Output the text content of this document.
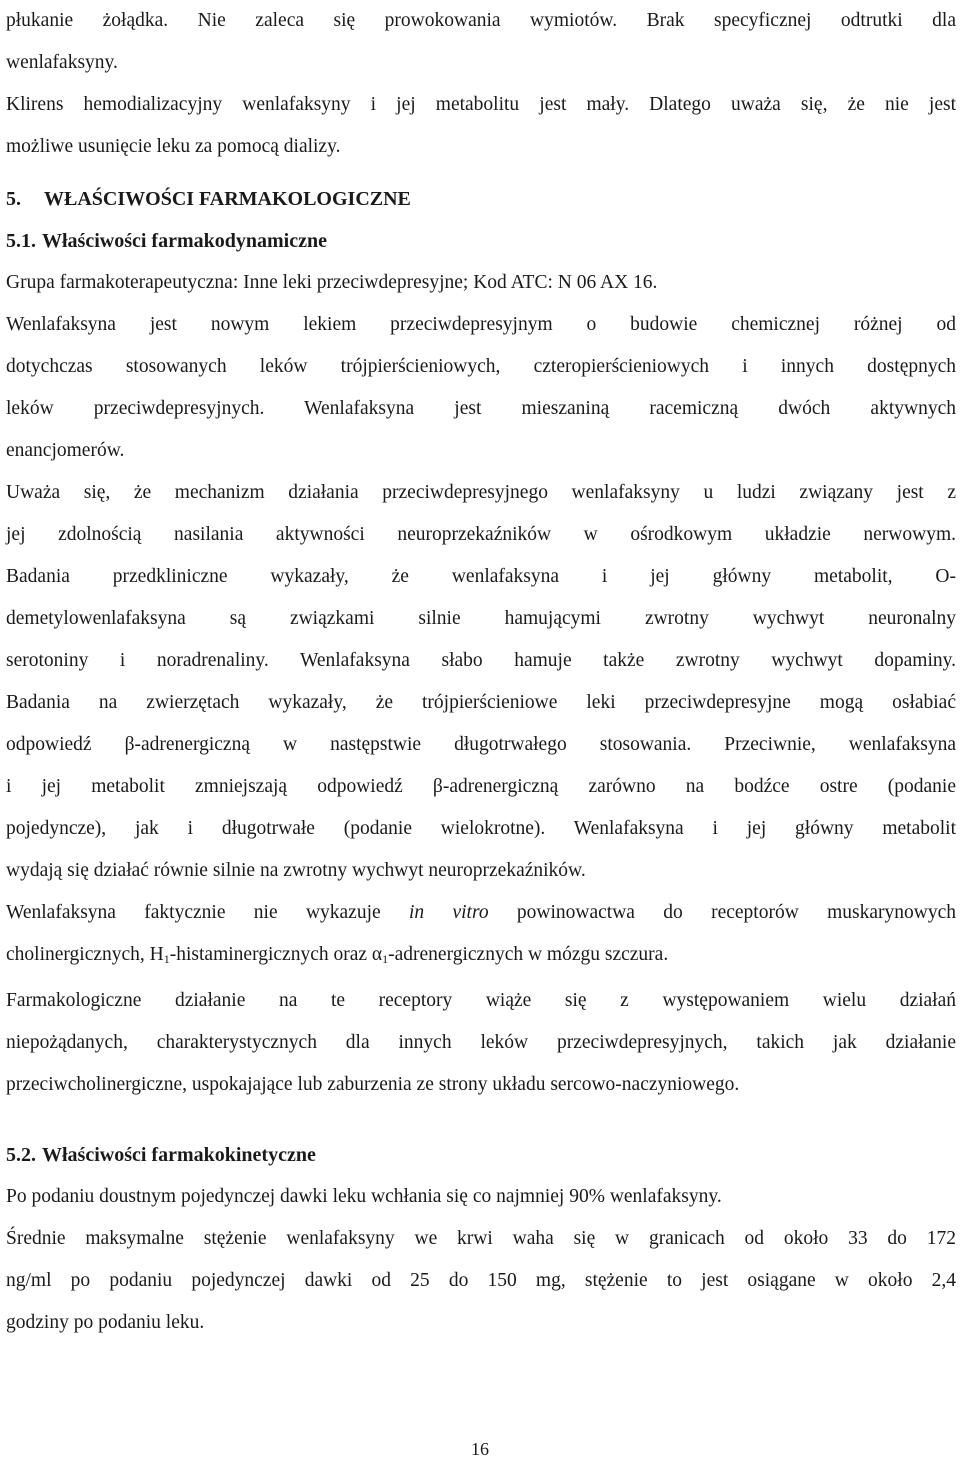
płukanie żołądka. Nie zaleca się prowokowania wymiotów. Brak specyficznej odtrutki dla
wenlafaksyny.

Klirens hemodializacyjny wenlafaksyny i jej metabolitu jest mały. Dlatego uważa się, że nie jest
możliwe usunięcie leku za pomocą dializy.

5. WŁAŚCIWOŚCI FARMAKOLOGICZNE
5.1. Właściwości farmakodynamiczne

Grupa farmakoterapeutyczna: Inne leki przeciwdepresyjne; Kod ATC: N 06 AX 16.

Wenlafaksyna jest nowym lekiem przeciwdepresyjnym o budowie chemicznej różnej od
dotychczas stosowanych leków trójpierścieniowych, czteropierścieniowych i innych dostępnych
leków przeciwdepresyjnych. Wenlafaksyna jest mieszaniną racemiczną dwóch aktywnych
enancjomerów.

Uważa się, że mechanizm działania przeciwdepresyjnego wenlafaksyny u ludzi związany jest z
jej zdolnością nasilania aktywności neuroprzekaźników w ośrodkowym układzie nerwowym.
Badania przedkliniczne wykazały, że wenlafaksyna i jej główny metabolit, O-
demetylowenlafaksyna są związkami silnie hamującymi zwrotny wychwyt neuronalny
serotoniny i noradrenaliny. Wenlafaksyna słabo hamuje także zwrotny wychwyt dopaminy.
Badania na zwierzętach wykazały, że trójpierścieniowe leki przeciwdepresyjne mogą osłabiać
odpowiedź β-adrenergiczną w następstwie długotrwałego stosowania. Przeciwnie, wenlafaksyna
i jej metabolit zmniejszają odpowiedź β-adrenergiczną zarówno na bodźce ostre (podanie
pojedyncze), jak i długotrwałe (podanie wielokrotne). Wenlafaksyna i jej główny metabolit
wydają się działać równie silnie na zwrotny wychwyt neuroprzekaźników.

Wenlafaksyna faktycznie nie wykazuje in vitro powinowactwa do receptorów muskarynowych
cholinergicznych, $H_1$-histaminergicznych oraz $\alpha_1$-adrenergicznych w mózgu szczura.

Farmakologiczne działanie na te receptory wiąże się z występowaniem wielu działań
niepożądanych, charakterystycznych dla innych leków przeciwdepresyjnych, takich jak działanie
przeciwcholinergiczne, uspokajające lub zaburzenia ze strony układu sercowo-naczyniowego.

5.2. Właściwości farmakokinetyczne

Po podaniu doustnym pojedynczej dawki leku wchłania się co najmniej 90% wenlafaksyny.

Średnie maksymalne stężenie wenlafaksyny we krwi waha się w granicach od około 33 do 172
ng/ml po podaniu pojedynczej dawki od 25 do 150 mg, stężenie to jest osiągane w około 2,4
godziny po podaniu leku.

16
